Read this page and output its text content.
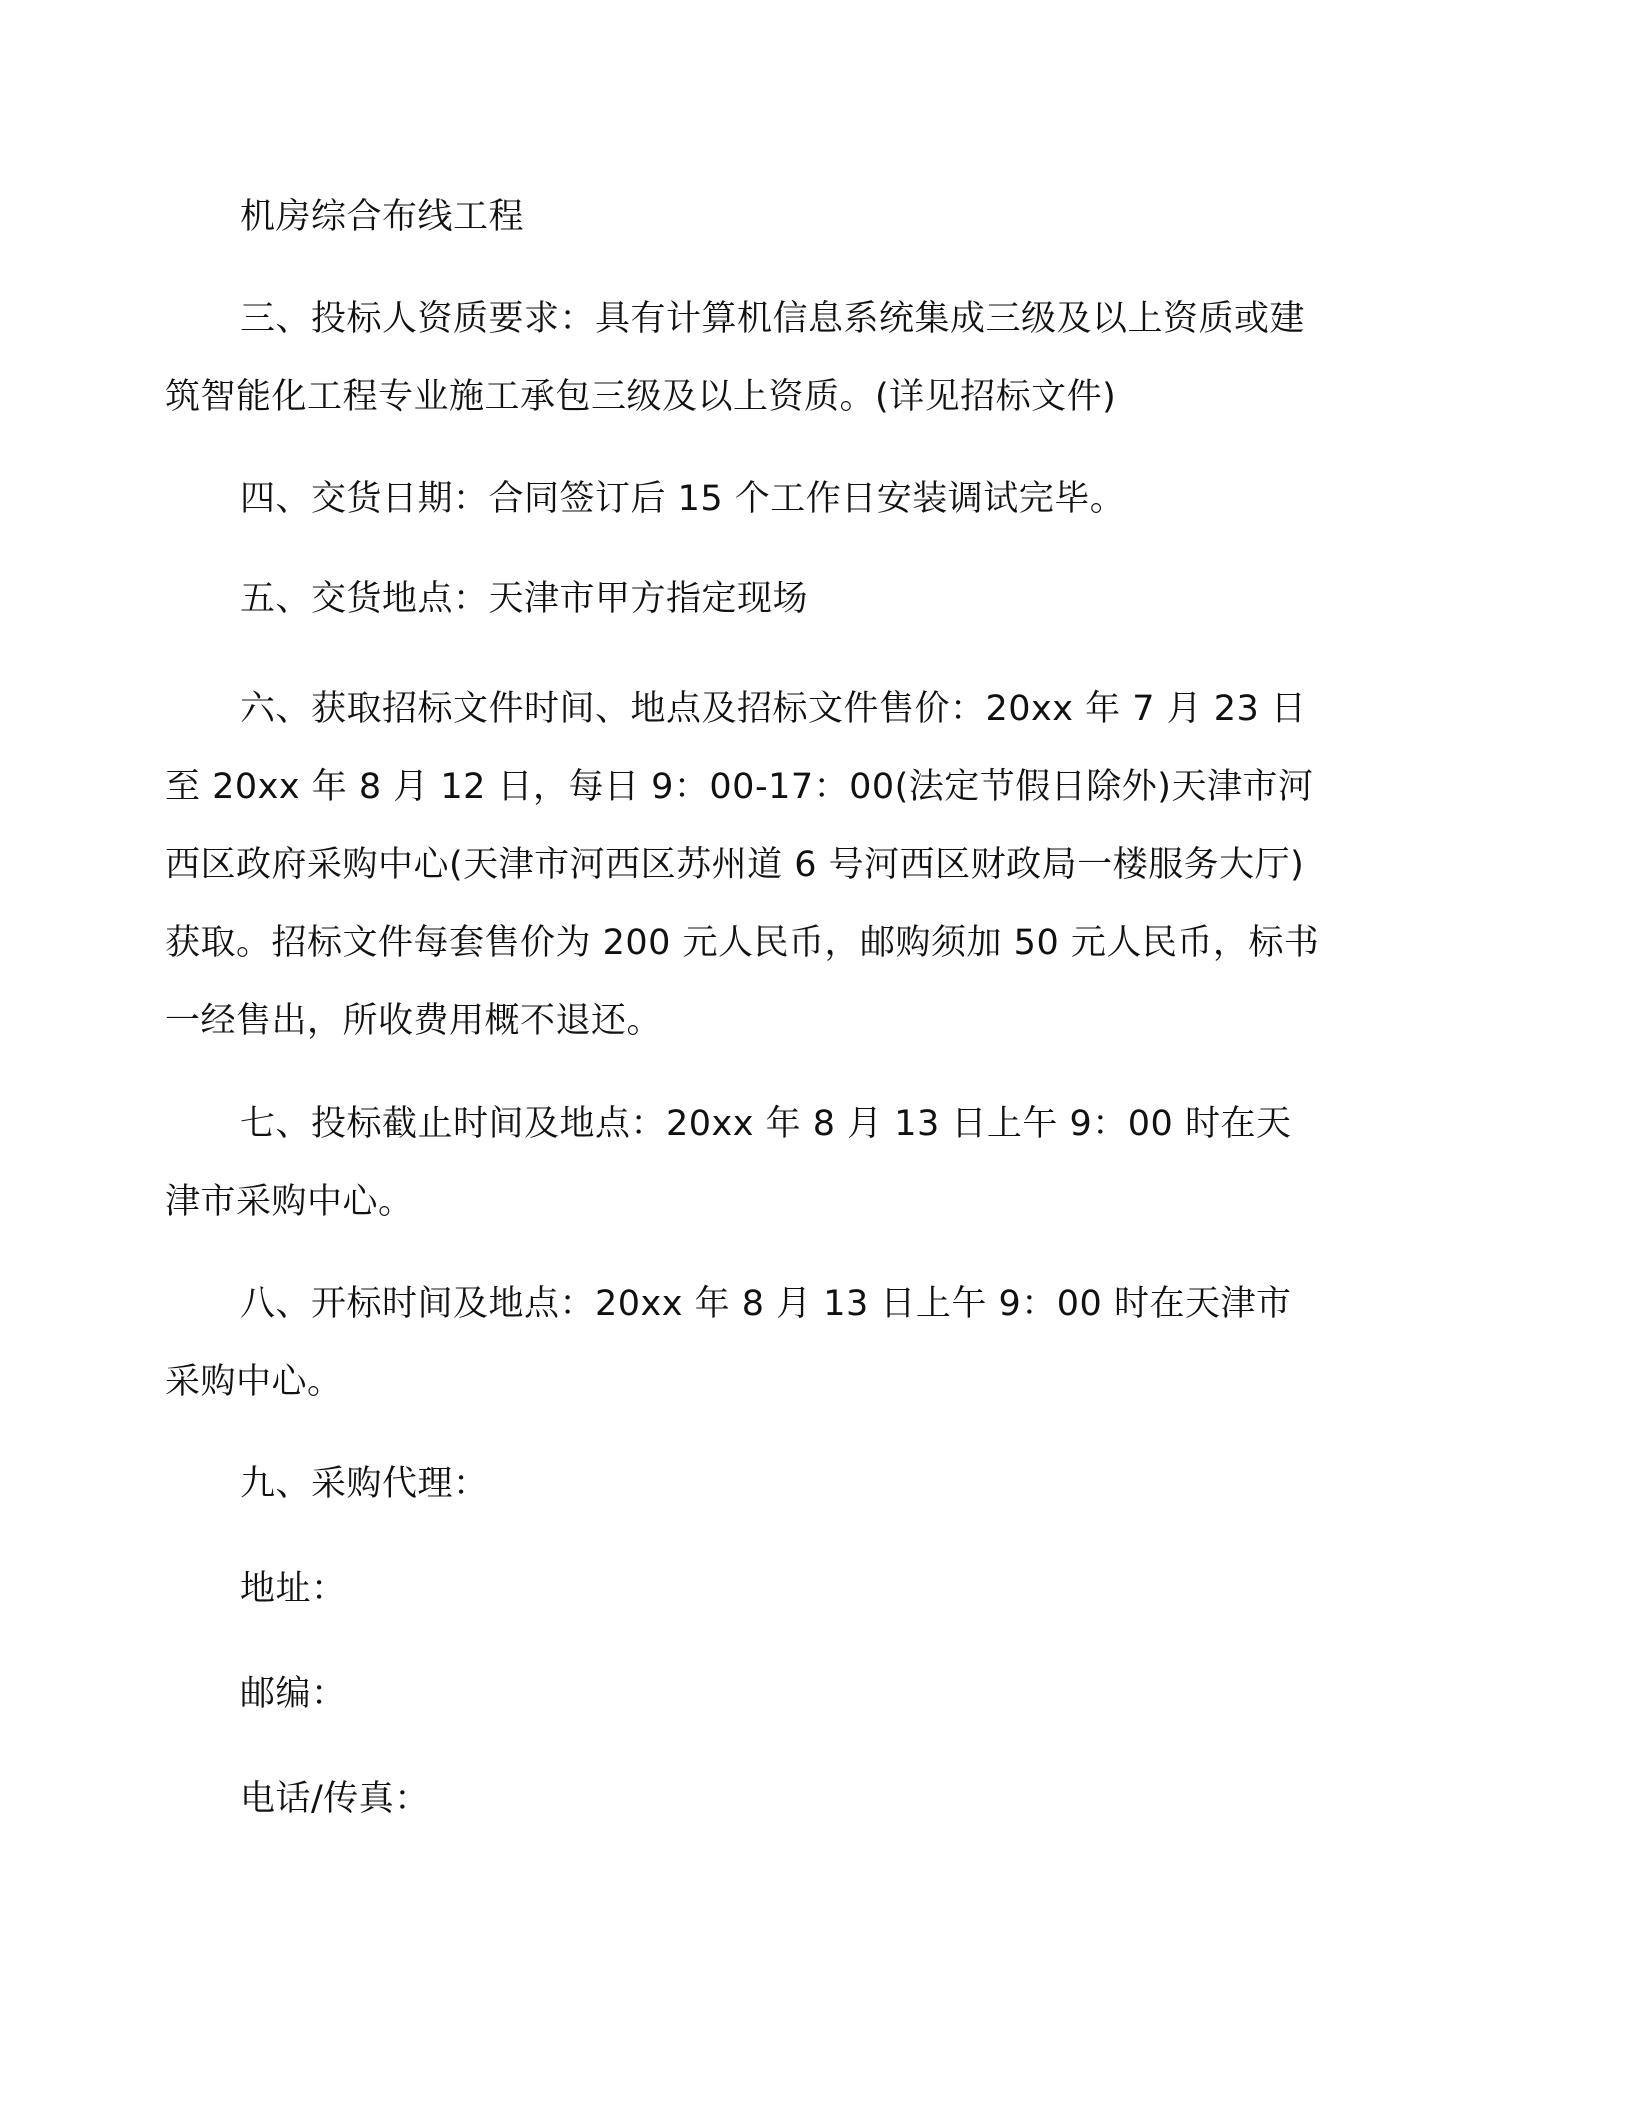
机房综合布线工程
三、投标人资质要求：具有计算机信息系统集成三级及以上资质或建筑智能化工程专业施工承包三级及以上资质。(详见招标文件)
四、交货日期：合同签订后 15 个工作日安装调试完毕。
五、交货地点：天津市甲方指定现场
六、获取招标文件时间、地点及招标文件售价：20xx 年 7 月 23 日至 20xx 年 8 月 12 日，每日 9：00-17：00(法定节假日除外)天津市河西区政府采购中心(天津市河西区苏州道 6 号河西区财政局一楼服务大厅)获取。招标文件每套售价为 200 元人民币，邮购须加 50 元人民币，标书一经售出，所收费用概不退还。
七、投标截止时间及地点：20xx 年 8 月 13 日上午 9：00 时在天津市采购中心。
八、开标时间及地点：20xx 年 8 月 13 日上午 9：00 时在天津市采购中心。
九、采购代理：
地址：
邮编：
电话/传真：
